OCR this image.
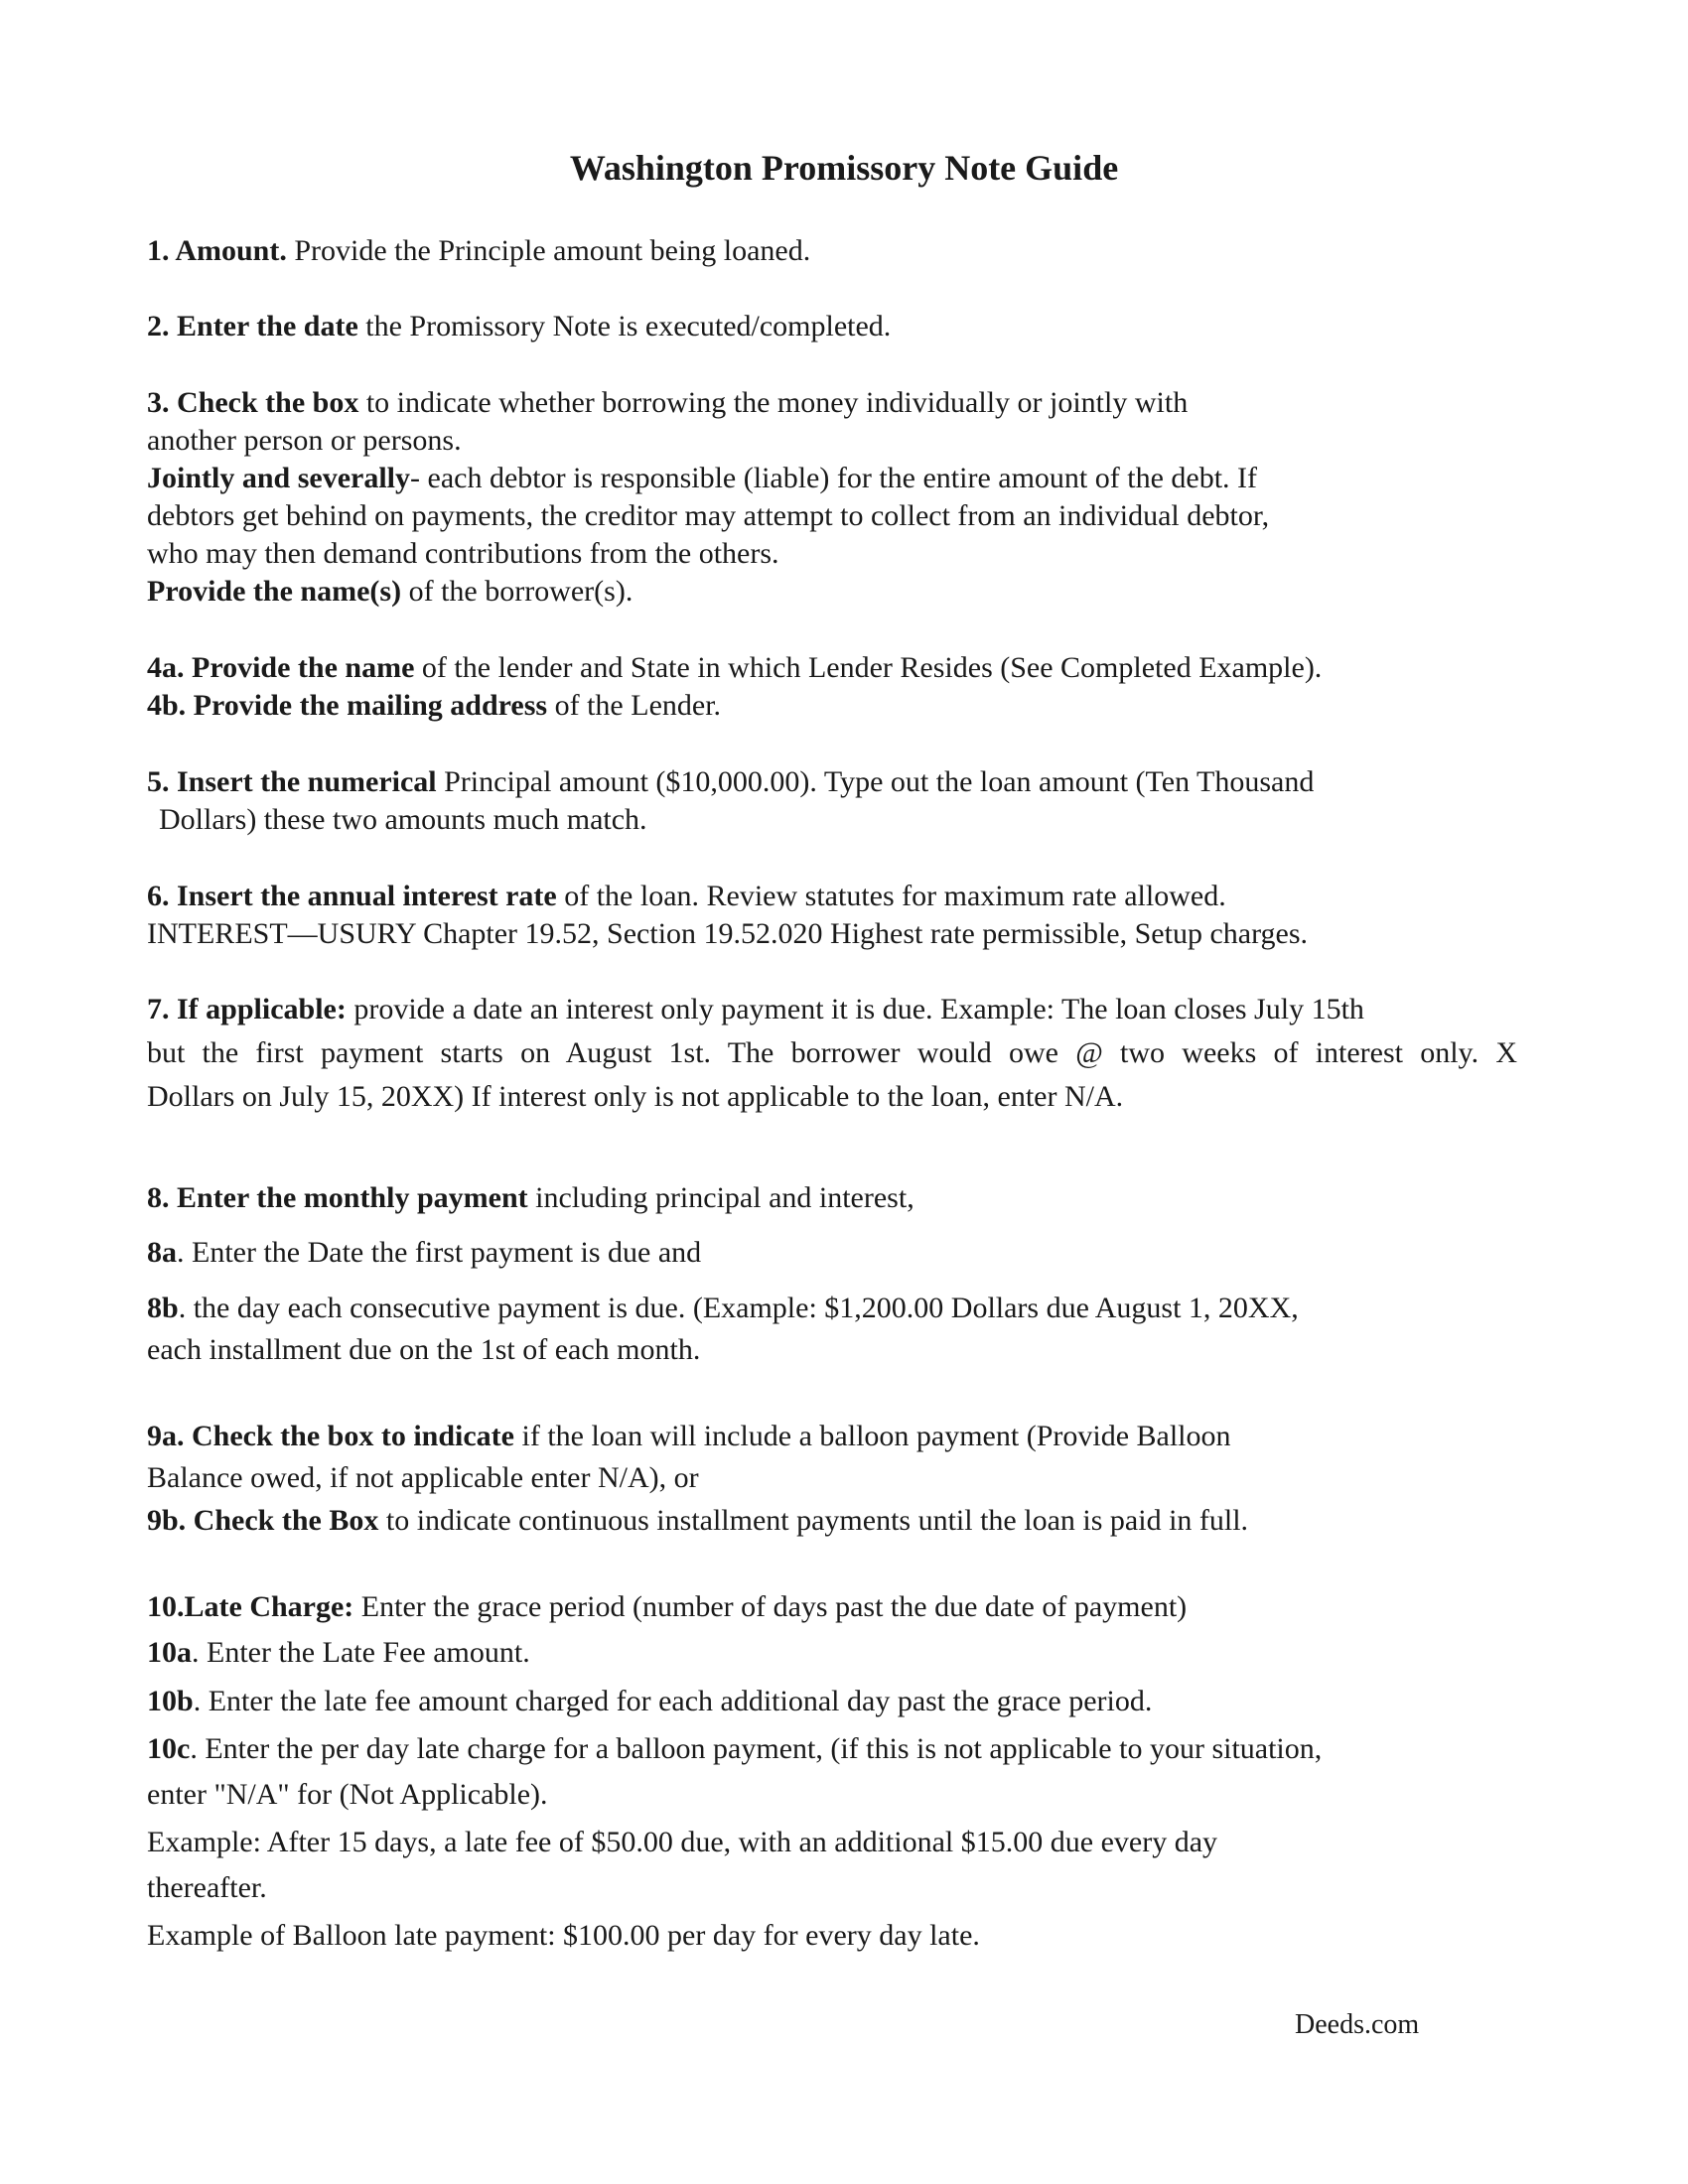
Washington Promissory Note Guide
1. Amount. Provide the Principle amount being loaned.
2. Enter the date the Promissory Note is executed/completed.
3. Check the box to indicate whether borrowing the money individually or jointly with
another person or persons.
Jointly and severally- each debtor is responsible (liable) for the entire amount of the debt. If
debtors get behind on payments, the creditor may attempt to collect from an individual debtor,
who may then demand contributions from the others.
Provide the name(s) of the borrower(s).
4a. Provide the name of the lender and State in which Lender Resides (See Completed Example).
4b. Provide the mailing address of the Lender.
5. Insert the numerical Principal amount ($10,000.00). Type out the loan amount (Ten Thousand
Dollars) these two amounts much match.
6. Insert the annual interest rate of the loan. Review statutes for maximum rate allowed.
INTEREST—USURY Chapter 19.52, Section 19.52.020 Highest rate permissible, Setup charges.
7. If applicable: provide a date an interest only payment it is due. Example: The loan closes July 15th
but the first payment starts on August 1st. The borrower would owe @ two weeks of interest only. X
Dollars on July 15, 20XX) If interest only is not applicable to the loan, enter N/A.
8. Enter the monthly payment including principal and interest,
8a. Enter the Date the first payment is due and
8b. the day each consecutive payment is due. (Example: $1,200.00 Dollars due August 1, 20XX,
each installment due on the 1st of each month.
9a. Check the box to indicate if the loan will include a balloon payment (Provide Balloon
Balance owed, if not applicable enter N/A), or
9b. Check the Box to indicate continuous installment payments until the loan is paid in full.
10.Late Charge: Enter the grace period (number of days past the due date of payment)
10a. Enter the Late Fee amount.
10b. Enter the late fee amount charged for each additional day past the grace period.
10c. Enter the per day late charge for a balloon payment, (if this is not applicable to your situation,
enter "N/A" for (Not Applicable).
Example: After 15 days, a late fee of $50.00 due, with an additional $15.00 due every day
thereafter.
Example of Balloon late payment: $100.00 per day for every day late.
Deeds.com
